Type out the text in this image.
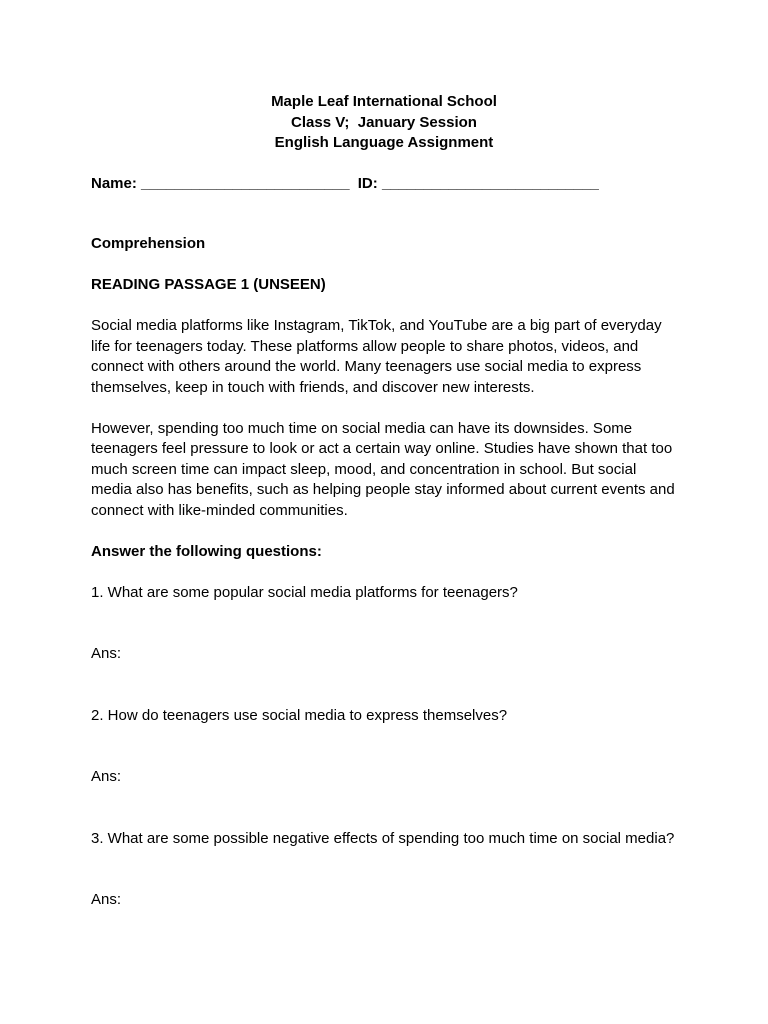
Maple Leaf International School
Class V;  January Session
English Language Assignment
Name: _________________________ ID: __________________________
Comprehension
READING PASSAGE 1 (UNSEEN)
Social media platforms like Instagram, TikTok, and YouTube are a big part of everyday
life for teenagers today. These platforms allow people to share photos, videos, and
connect with others around the world. Many teenagers use social media to express
themselves, keep in touch with friends, and discover new interests.
However, spending too much time on social media can have its downsides. Some
teenagers feel pressure to look or act a certain way online. Studies have shown that too
much screen time can impact sleep, mood, and concentration in school. But social
media also has benefits, such as helping people stay informed about current events and
connect with like-minded communities.
Answer the following questions:
1. What are some popular social media platforms for teenagers?
Ans:
2. How do teenagers use social media to express themselves?
Ans:
3. What are some possible negative effects of spending too much time on social media?
Ans:
